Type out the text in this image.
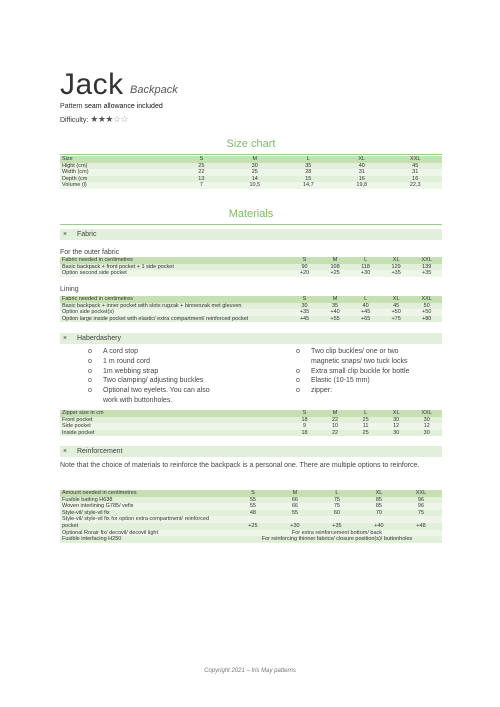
Jack Backpack
Pattern seam allowance included
Difficulty: ★★★☆☆
Size chart
Size	S	M	L	XL	XXL
Hight (cm)	25	30	35	40	45
Width (cm)	22	25	28	31	31
Depth (cm	13	14	15	16	16
Volume (l)	7	10,5	14,7	19,8	22,3
Materials
× Fabric
For the outer fabric
Fabric needed in centimetres	S	M	L	XL	XXL
Basic backpack + front pocket + 1 side pocket	90	108	118	129	139
Option second side pocket	+20	+25	+30	+35	+35
Lining
Fabric needed in centimetres	S	M	L	XL	XXL
Basic backpack + inner pocket with slots rugzak + binnenzak met gleuven	30	35	40	45	50
Option side pocket(s)	+35	+40	+45	+50	+50
Option large inside pocket with elastic/ extra compartment/ reinforced pocket	+45	+55	+65	+75	+80
× Haberdashery
o A cord stop
o 1 m round cord
o 1m webbing strap
o Two clamping/ adjusting buckles
o Optional two eyelets. You can also
work with buttonholes.
o Two clip buckles/ one or two
magnetic snaps/ two tuck locks
o Extra small clip buckle for bottle
o Elastic (10-15 mm)
o zipper:
Zipper size in cm	S	M	L	XL	XXL
Front pocket	18	22	25	30	30
Side pocket	9	10	11	12	12
Inside pocket	18	22	25	30	30
× Reinforcement
Note that the choice of materials to reinforce the backpack is a personal one. There are multiple options to reinforce.
Amount needed in centimetres	S	M	L	XL	XXL
Fusible batting H638	55	66	75	85	96
Woven interlining G785/ vefix	55	66	75	85	96
Style-vil/ style-vil fix	48	55	60	70	75
Style-vil/ style-vil fix for option extra compartment/ reinforced					
pocket	+25	+30	+35	+40	+48
Optional Rorair fix/ decovil/ decovil light	For extra reinforcement bottom/ back				
Fusible interfacing H250	For reinforcing thinner fabrics/ closure position(s)/ buttonholes				
Copyright 2021 – Iris May patterns
